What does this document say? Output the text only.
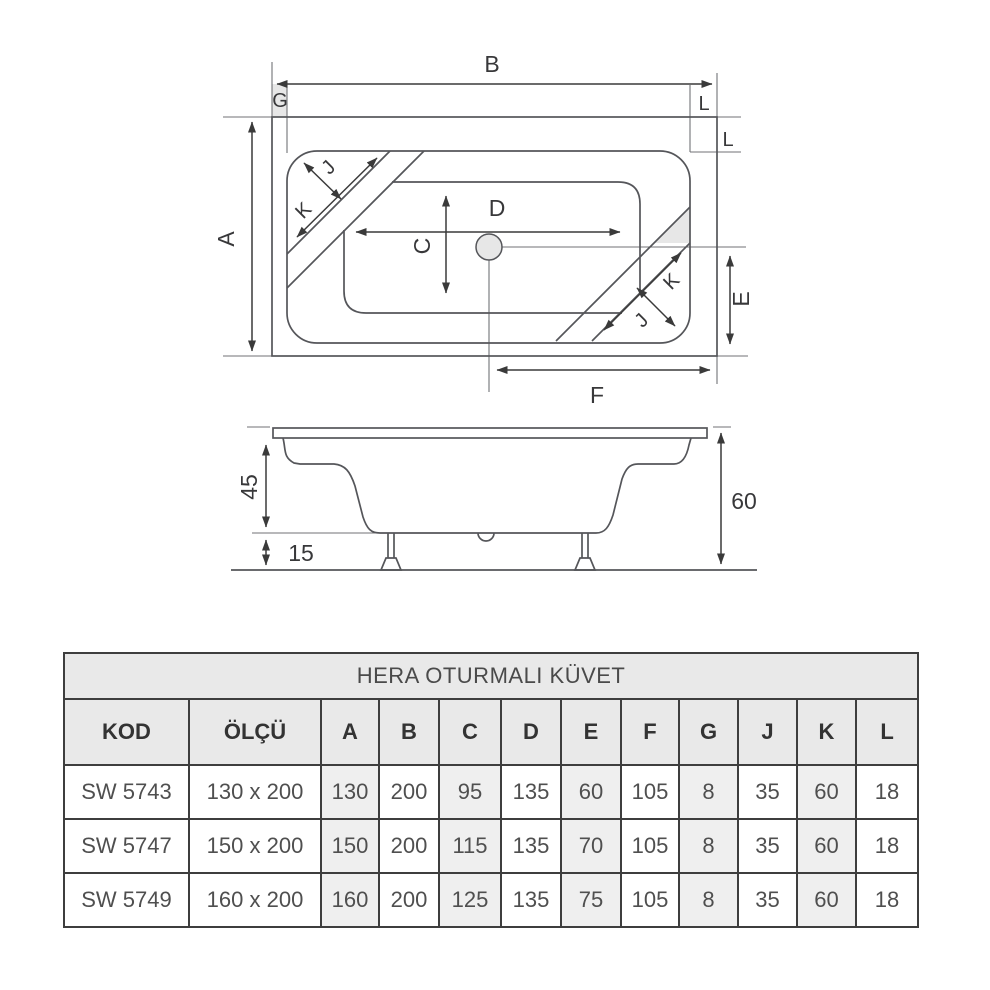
B
G	L
L
A
D
C
E
F
K
J
K
J
45
15
60
HERA OTURMALI KÜVET											
KOD	ÖLÇÜ	A	B	C	D	E	F	G	J	K	L
SW 5743	130 x 200	130	200	95	135	60	105	8	35	60	18
SW 5747	150 x 200	150	200	115	135	70	105	8	35	60	18
SW 5749	160 x 200	160	200	125	135	75	105	8	35	60	18
